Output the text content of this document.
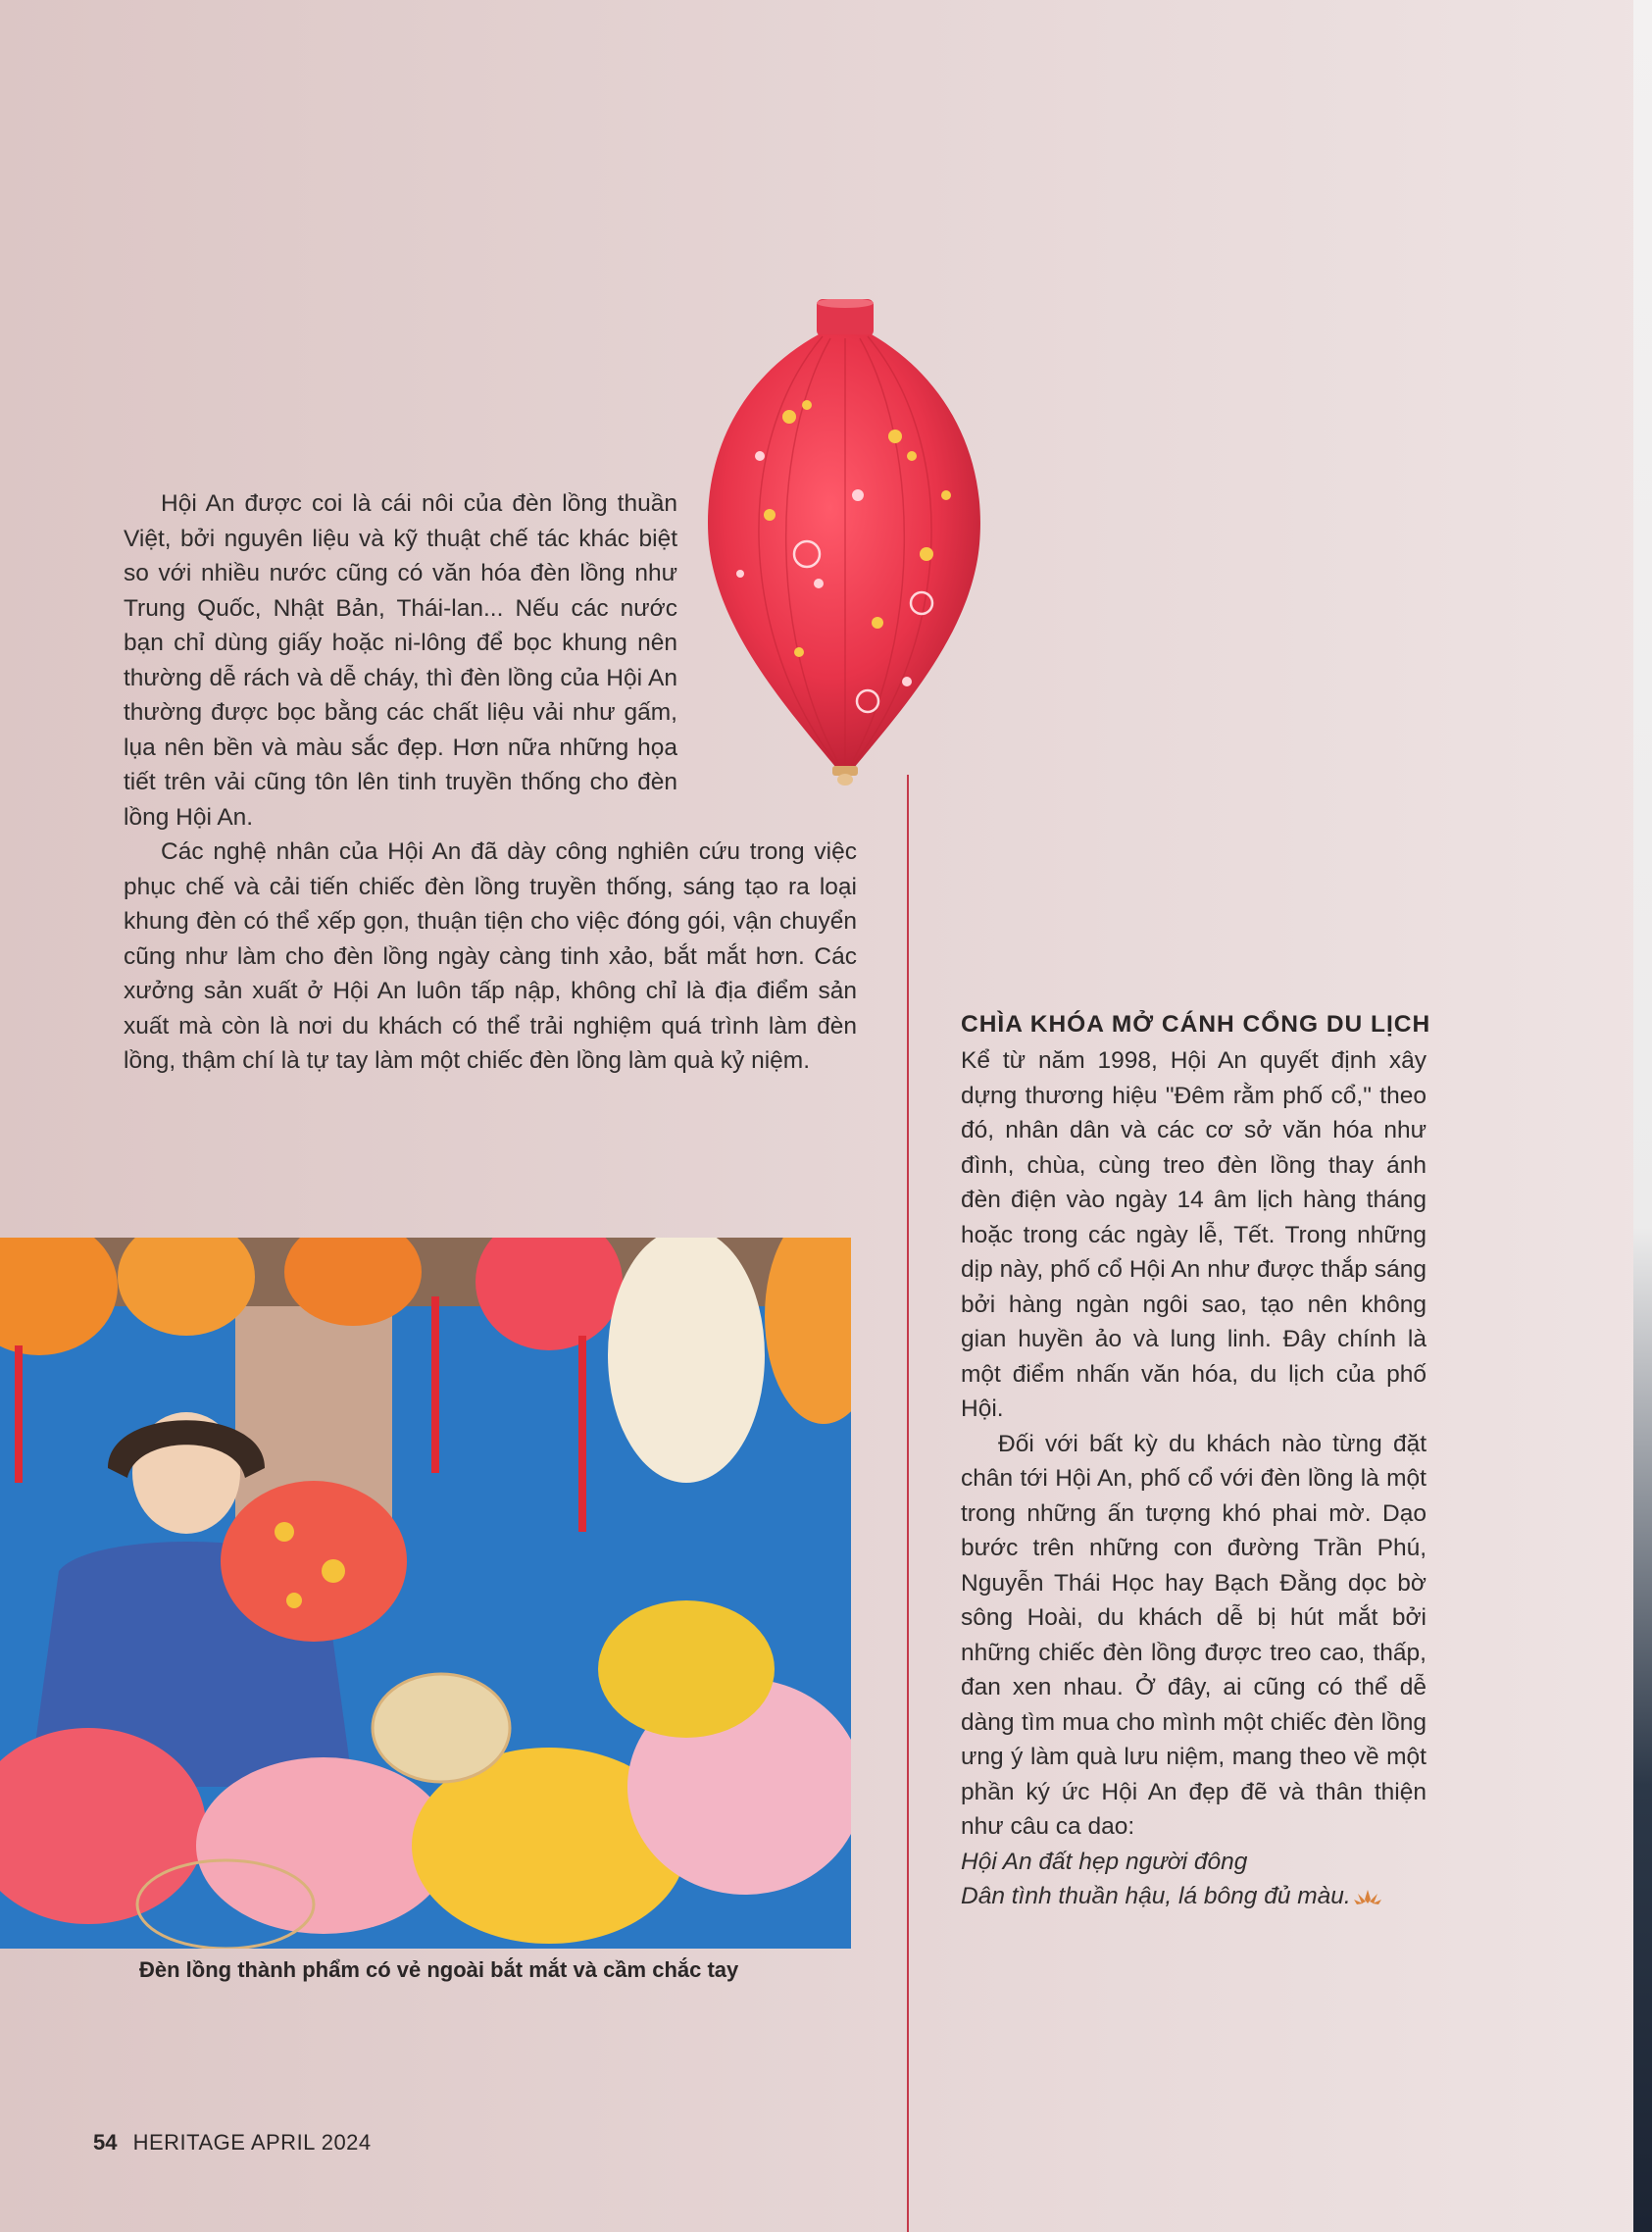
Hội An được coi là cái nôi của đèn lồng thuần Việt, bởi nguyên liệu và kỹ thuật chế tác khác biệt so với nhiều nước cũng có văn hóa đèn lồng như Trung Quốc, Nhật Bản, Thái-lan... Nếu các nước bạn chỉ dùng giấy hoặc ni-lông để bọc khung nên thường dễ rách và dễ cháy, thì đèn lồng của Hội An thường được bọc bằng các chất liệu vải như gấm, lụa nên bền và màu sắc đẹp. Hơn nữa những họa tiết trên vải cũng tôn lên tinh truyền thống cho đèn lồng Hội An.

Các nghệ nhân của Hội An đã dày công nghiên cứu trong việc phục chế và cải tiến chiếc đèn lồng truyền thống, sáng tạo ra loại khung đèn có thể xếp gọn, thuận tiện cho việc đóng gói, vận chuyển cũng như làm cho đèn lồng ngày càng tinh xảo, bắt mắt hơn. Các xưởng sản xuất ở Hội An luôn tấp nập, không chỉ là địa điểm sản xuất mà còn là nơi du khách có thể trải nghiệm quá trình làm đèn lồng, thậm chí là tự tay làm một chiếc đèn lồng làm quà kỷ niệm.

CHÌA KHÓA MỞ CÁNH CỔNG DU LỊCH

Kể từ năm 1998, Hội An quyết định xây dựng thương hiệu "Đêm rằm phố cổ," theo đó, nhân dân và các cơ sở văn hóa như đình, chùa, cùng treo đèn lồng thay ánh đèn điện vào ngày 14 âm lịch hàng tháng hoặc trong các ngày lễ, Tết. Trong những dịp này, phố cổ Hội An như được thắp sáng bởi hàng ngàn ngôi sao, tạo nên không gian huyền ảo và lung linh. Đây chính là một điểm nhấn văn hóa, du lịch của phố Hội.

Đối với bất kỳ du khách nào từng đặt chân tới Hội An, phố cổ với đèn lồng là một trong những ấn tượng khó phai mờ. Dạo bước trên những con đường Trần Phú, Nguyễn Thái Học hay Bạch Đằng dọc bờ sông Hoài, du khách dễ bị hút mắt bởi những chiếc đèn lồng được treo cao, thấp, đan xen nhau. Ở đây, ai cũng có thể dễ dàng tìm mua cho mình một chiếc đèn lồng ưng ý làm quà lưu niệm, mang theo về một phần ký ức Hội An đẹp đẽ và thân thiện như câu ca dao:

Hội An đất hẹp người đông
Dân tình thuần hậu, lá bông đủ màu.
Đèn lồng thành phẩm có vẻ ngoài bắt mắt và cầm chắc tay
54 HERITAGE APRIL 2024
